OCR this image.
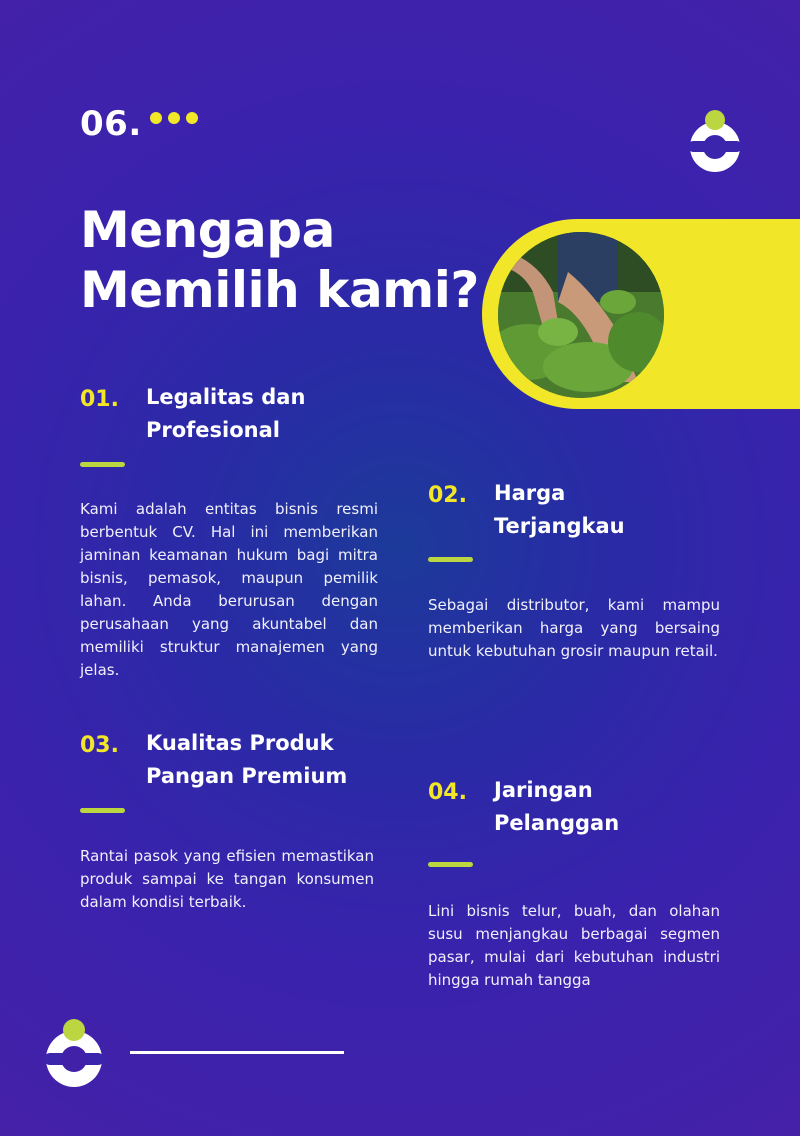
06.
Mengapa
Memilih kami?
01. Legalitas dan
Profesional
Kami adalah entitas bisnis resmi berbentuk CV. Hal ini memberikan jaminan keamanan hukum bagi mitra bisnis, pemasok, maupun pemilik lahan. Anda berurusan dengan perusahaan yang akuntabel dan memiliki struktur manajemen yang jelas.
02. Harga
Terjangkau
Sebagai distributor, kami mampu memberikan harga yang bersaing untuk kebutuhan grosir maupun retail.
03. Kualitas Produk
Pangan Premium
Rantai pasok yang efisien memastikan produk sampai ke tangan konsumen dalam kondisi terbaik.
04. Jaringan
Pelanggan
Lini bisnis telur, buah, dan olahan susu menjangkau berbagai segmen pasar, mulai dari kebutuhan industri hingga rumah tangga
